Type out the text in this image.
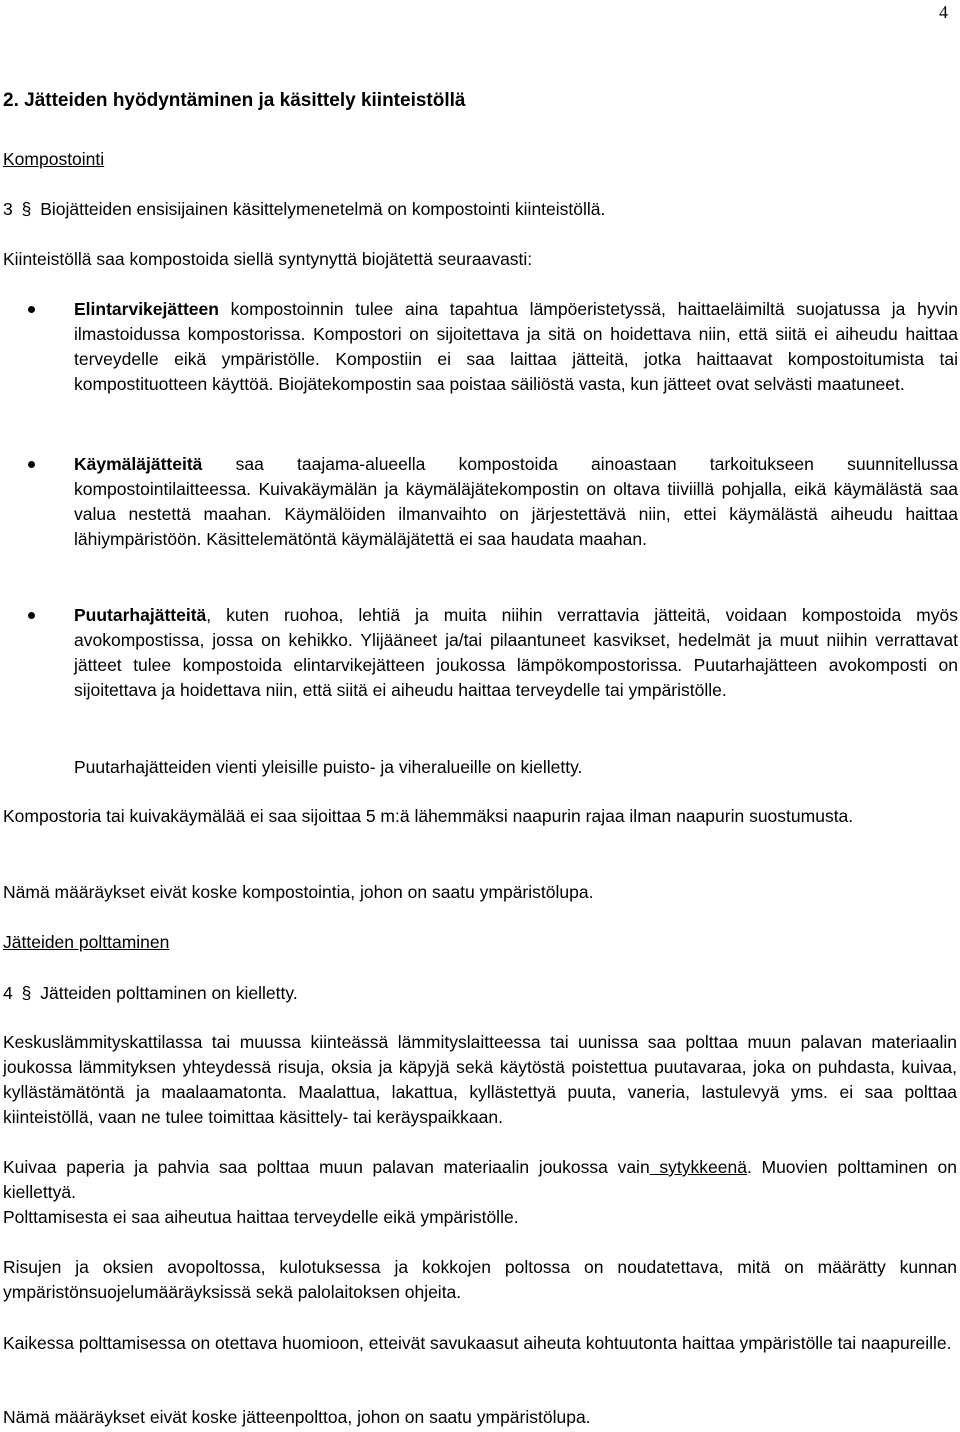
4
2. Jätteiden hyödyntäminen ja käsittely kiinteistöllä
Kompostointi
3 § Biojätteiden ensisijainen käsittelymenetelmä on kompostointi kiinteistöllä.
Kiinteistöllä saa kompostoida siellä syntynyttä biojätettä seuraavasti:
Elintarvikejätteen kompostoinnin tulee aina tapahtua lämpöeristetyssä, haittaeläimiltä suojatussa ja hyvin ilmastoidussa kompostorissa. Kompostori on sijoitettava ja sitä on hoidettava niin, että siitä ei aiheudu haittaa terveydelle eikä ympäristölle. Kompostiin ei saa laittaa jätteitä, jotka haittaavat kompostoitumista tai kompostituotteen käyttöä. Biojätekompostin saa poistaa säiliöstä vasta, kun jätteet ovat selvästi maatuneet.
Käymäläjätteitä saa taajama-alueella kompostoida ainoastaan tarkoitukseen suunnitellussa kompostointilaitteessa. Kuivakäymälän ja käymäläjätekompostin on oltava tiiviillä pohjalla, eikä käymälästä saa valua nestettä maahan. Käymälöiden ilmanvaihto on järjestettävä niin, ettei käymälästä aiheudu haittaa lähiympäristöön. Käsittelemätöntä käymäläjätettä ei saa haudata maahan.
Puutarhajätteitä, kuten ruohoa, lehtiä ja muita niihin verrattavia jätteitä, voidaan kompostoida myös avokompostissa, jossa on kehikko. Ylijääneet ja/tai pilaantuneet kasvikset, hedelmät ja muut niihin verrattavat jätteet tulee kompostoida elintarvikejätteen joukossa lämpökompostorissa. Puutarhajätteen avokomposti on sijoitettava ja hoidettava niin, että siitä ei aiheudu haittaa terveydelle tai ympäristölle.
Puutarhajätteiden vienti yleisille puisto- ja viheralueille on kielletty.
Kompostoria tai kuivakäymälää ei saa sijoittaa 5 m:ä lähemmäksi naapurin rajaa ilman naapurin suostumusta.
Nämä määräykset eivät koske kompostointia, johon on saatu ympäristölupa.
Jätteiden polttaminen
4 § Jätteiden polttaminen on kielletty.
Keskuslämmityskattilassa tai muussa kiinteässä lämmityslaitteessa tai uunissa saa polttaa muun palavan materiaalin joukossa lämmityksen yhteydessä risuja, oksia ja käpyjä sekä käytöstä poistettua puutavaraa, joka on puhdasta, kuivaa, kyllästämätöntä ja maalaamatonta. Maalattua, lakattua, kyllästettyä puuta, vaneria, lastulevyä yms. ei saa polttaa kiinteistöllä, vaan ne tulee toimittaa käsittely- tai keräyspaikkaan.
Kuivaa paperia ja pahvia saa polttaa muun palavan materiaalin joukossa vain sytykkeenä. Muovien polttaminen on kiellettyä.
Polttamisesta ei saa aiheutua haittaa terveydelle eikä ympäristölle.
Risujen ja oksien avopoltossa, kulotuksessa ja kokkojen poltossa on noudatettava, mitä on määrätty kunnan ympäristönsuojelumääräyksissä sekä palolaitoksen ohjeita.
Kaikessa polttamisessa on otettava huomioon, etteivät savukaasut aiheuta kohtuutonta haittaa ympäristölle tai naapureille.
Nämä määräykset eivät koske jätteenpolttoa, johon on saatu ympäristölupa.
